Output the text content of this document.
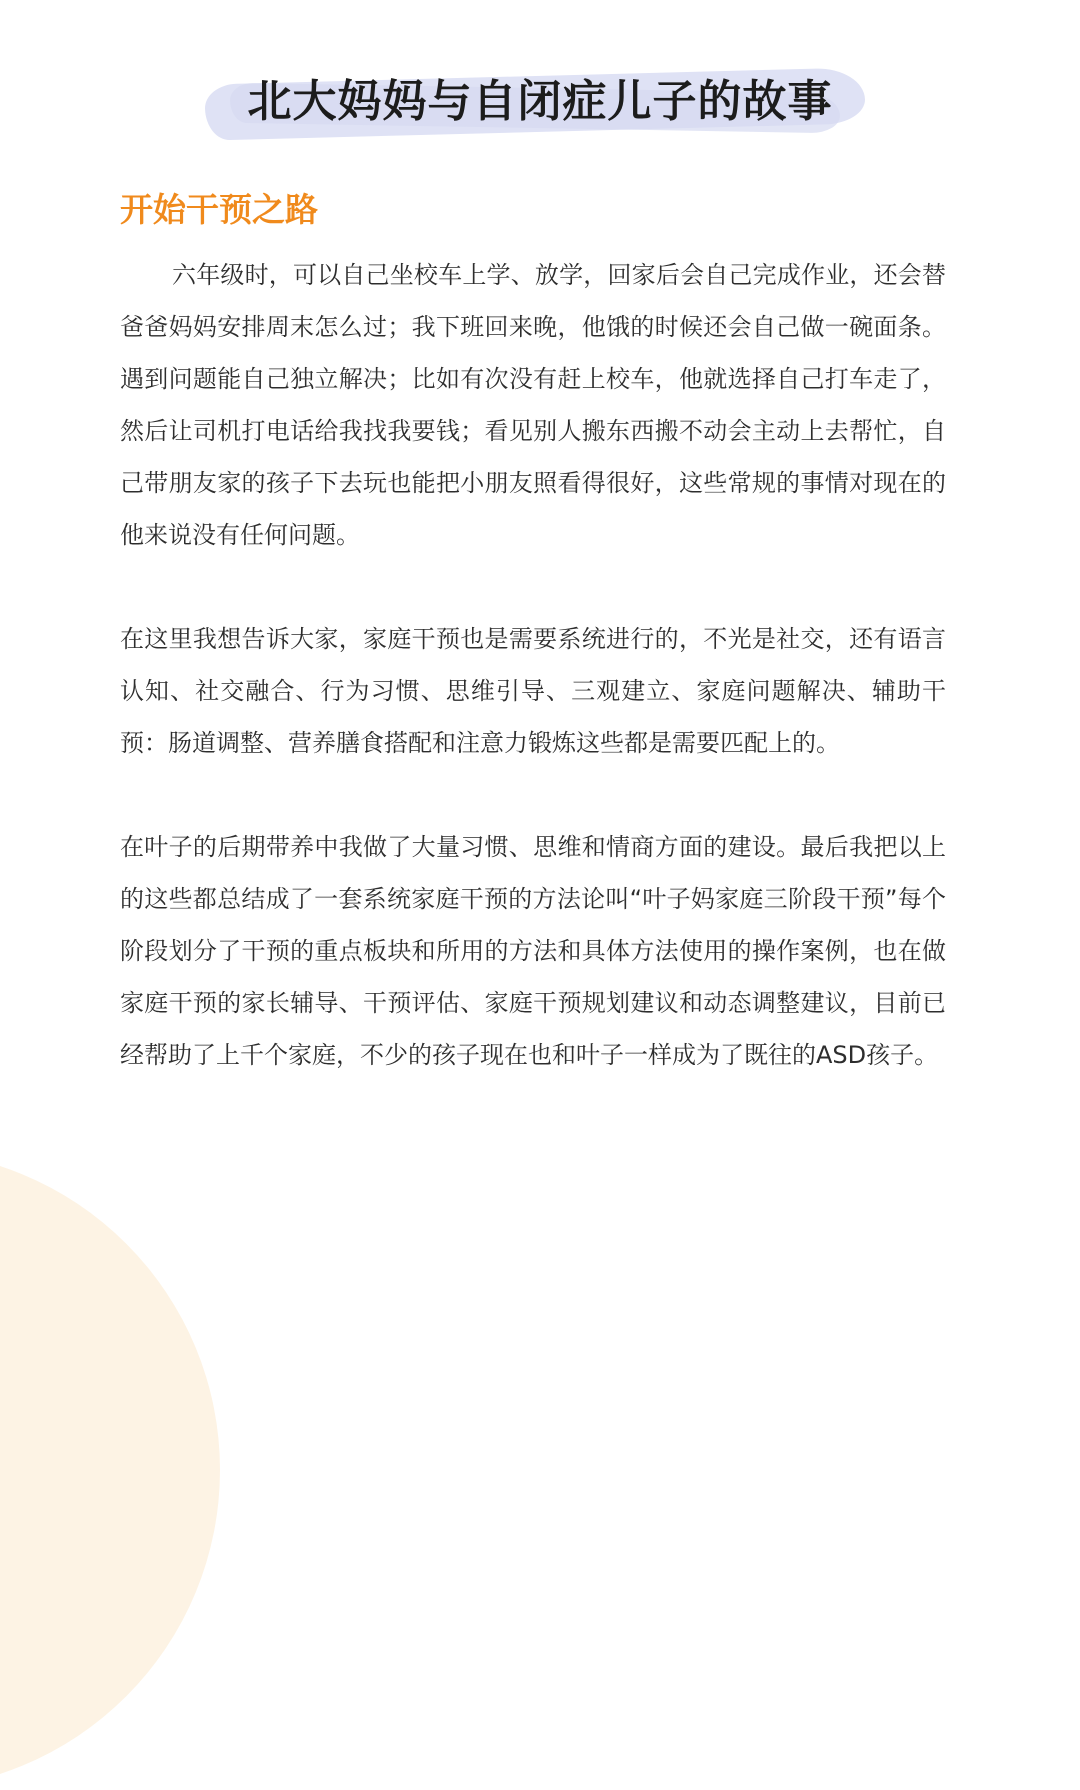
北大妈妈与自闭症儿子的故事
开始干预之路

六年级时，可以自己坐校车上学、放学，回家后会自己完成作业，还会替爸爸妈妈安排周末怎么过；我下班回来晚，他饿的时候还会自己做一碗面条。遇到问题能自己独立解决；比如有次没有赶上校车，他就选择自己打车走了，然后让司机打电话给我找我要钱；看见别人搬东西搬不动会主动上去帮忙，自己带朋友家的孩子下去玩也能把小朋友照看得很好，这些常规的事情对现在的他来说没有任何问题。

在这里我想告诉大家，家庭干预也是需要系统进行的，不光是社交，还有语言认知、社交融合、行为习惯、思维引导、三观建立、家庭问题解决、辅助干预：肠道调整、营养膳食搭配和注意力锻炼这些都是需要匹配上的。

在叶子的后期带养中我做了大量习惯、思维和情商方面的建设。最后我把以上的这些都总结成了一套系统家庭干预的方法论叫“叶子妈家庭三阶段干预”每个阶段划分了干预的重点板块和所用的方法和具体方法使用的操作案例，也在做家庭干预的家长辅导、干预评估、家庭干预规划建议和动态调整建议，目前已经帮助了上千个家庭，不少的孩子现在也和叶子一样成为了既往的ASD孩子。
